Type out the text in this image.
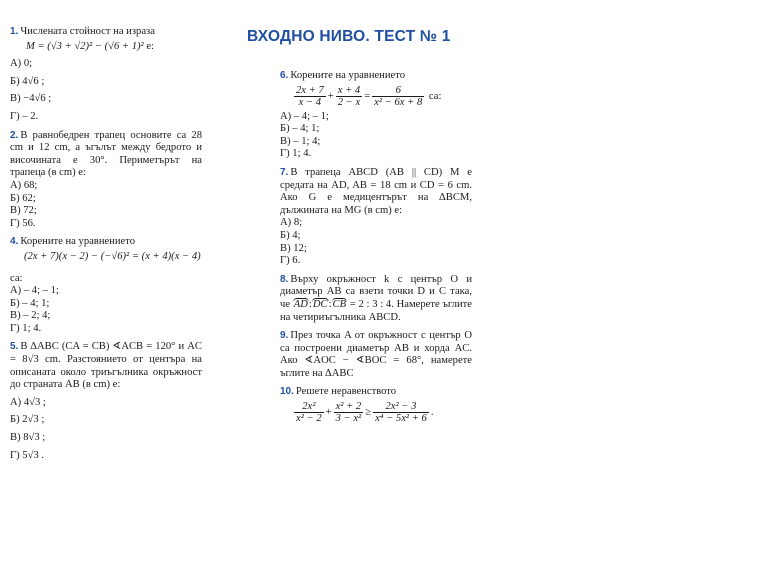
ВХОДНО НИВО. ТЕСТ № 1
1. Числената стойност на израза
M = (√3 + √2)² − (√6 + 1)² е:
А) 0;
Б) 4√6 ;
В) −4√6 ;
Г) – 2.
2. В равнобедрен трапец основите са 28 cm и 12 cm, а ъгълът между бедрото и височината е 30°. Периметърът на трапеца (в cm) е:
А) 68;
Б) 62;
В) 72;
Г) 56.
4. Корените на уравнението
(2x + 7)(x − 2) − (−√6)² = (x + 4)(x − 4)
са:
А) – 4; – 1;
Б) – 4; 1;
В) – 2; 4;
Г) 1; 4.
5. В ∆ABC (CA = CB) ∢ACB = 120° и AC = 8√3 cm. Разстоянието от центъра на описаната около триъгълника окръжност до страната AB (в cm) е:
А) 4√3 ;
Б) 2√3 ;
В) 8√3 ;
Г) 5√3 .
6. Корените на уравнението
$\frac{2x + 7}{x - 4} + \frac{x + 4}{2 - x} = \frac{6}{\text{x² − 6x + 8}}$ са:
А) – 4; – 1;
Б) – 4; 1;
В) – 1; 4;
Г) 1; 4.
7. В трапеца ABCD (AB || CD) M е средата на AD, AB = 18 cm и CD = 6 cm. Ако G е медицентърът на ∆BCM, дължината на MG (в cm) е:
А) 8;
Б) 4;
В) 12;
Г) 6.
8. Върху окръжност k с център O и диаметър AB са взети точки D и C така, че AD:DC:CB = 2 : 3 : 4. Намерете ъглите на четириъгълника ABCD.
9. През точка A от окръжност с център O са построени диаметър AB и хорда AC. Ако ∢AOC − ∢BOC = 68°, намерете ъглите на ∆ABC
10. Решете неравенството
$\frac{\text{2x²}}{\text{x² − 2}} + \frac{\text{x² + 2}}{\text{3 − x²}} \ge \frac{\text{2x² − 3}}{\text{x⁴ − 5x² + 6}}$ .
